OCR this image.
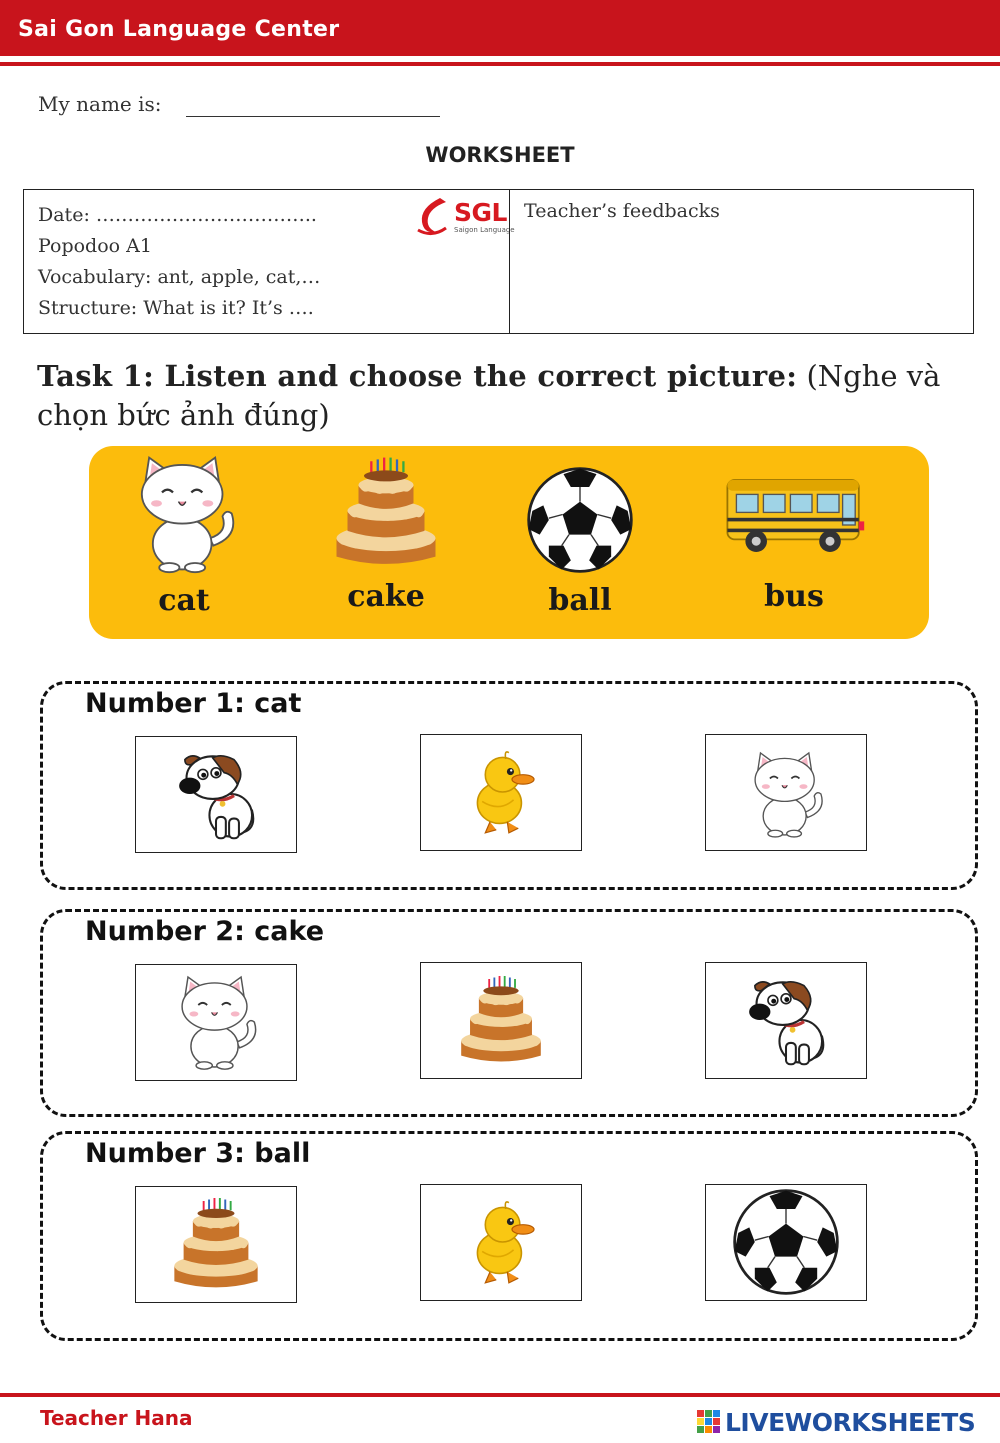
Sai Gon Language Center
My name is:
WORKSHEET
Date: ……………………………..
Popodoo A1
Vocabulary: ant, apple, cat,…
Structure: What is it? It’s ….
SGL
Saigon Language
Teacher’s feedbacks
Task 1: Listen and choose the correct picture: (Nghe và chọn bức ảnh đúng)
cat	cake	ball	bus
Number 1: cat
Number 2: cake
Number 3: ball
Teacher Hana	LIVEWORKSHEETS
